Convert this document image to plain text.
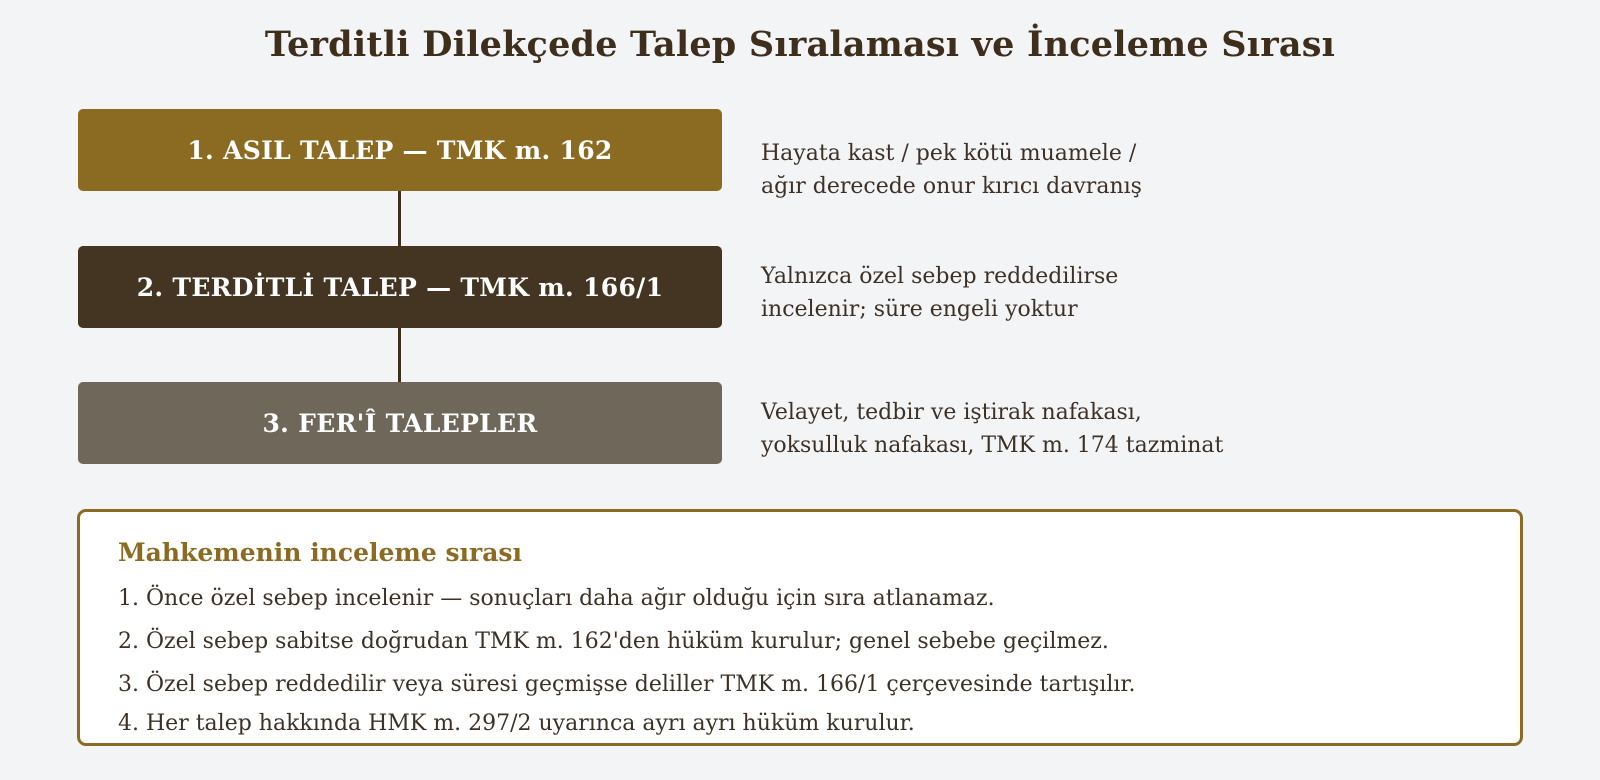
Terditli Dilekçede Talep Sıralaması ve İnceleme Sırası
1. ASIL TALEP — TMK m. 162
2. TERDİTLİ TALEP — TMK m. 166/1
3. FER'Î TALEPLER
Hayata kast / pek kötü muamele /
ağır derecede onur kırıcı davranış
Yalnızca özel sebep reddedilirse
incelenir; süre engeli yoktur
Velayet, tedbir ve iştirak nafakası,
yoksulluk nafakası, TMK m. 174 tazminat
Mahkemenin inceleme sırası
1. Önce özel sebep incelenir — sonuçları daha ağır olduğu için sıra atlanamaz.
2. Özel sebep sabitse doğrudan TMK m. 162'den hüküm kurulur; genel sebebe geçilmez.
3. Özel sebep reddedilir veya süresi geçmişse deliller TMK m. 166/1 çerçevesinde tartışılır.
4. Her talep hakkında HMK m. 297/2 uyarınca ayrı ayrı hüküm kurulur.
